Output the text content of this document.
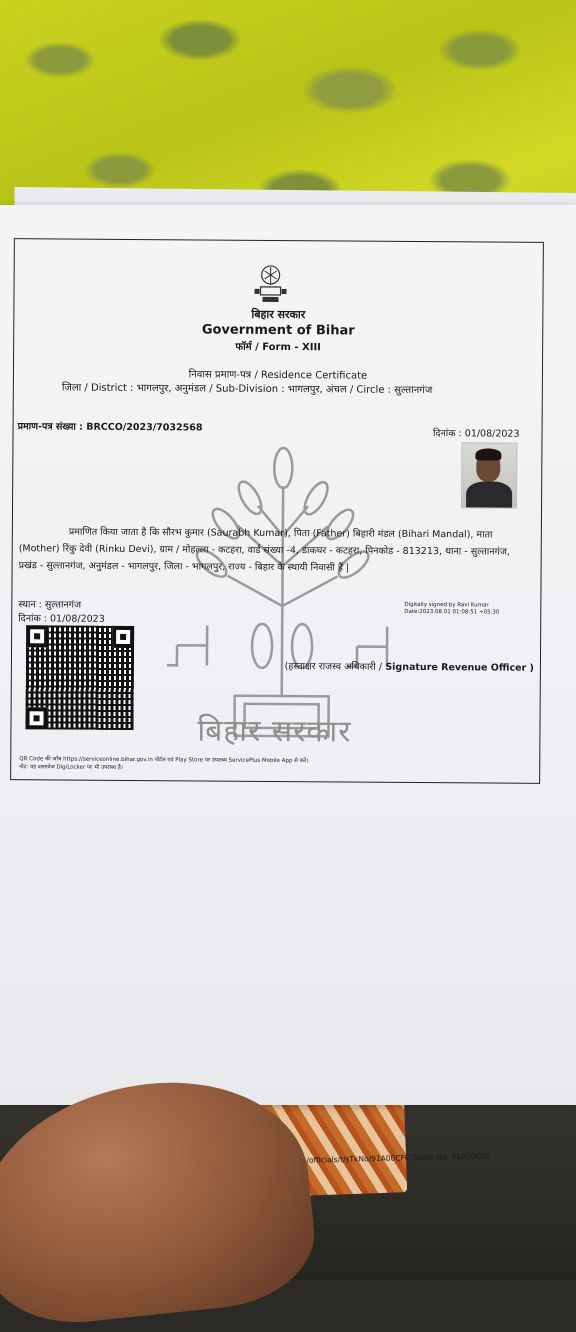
Token No: 91A00CFC
बिहार सरकार
Government of Bihar
फॉर्म / Form - XIII
निवास प्रमाण-पत्र / Residence Certificate
जिला / District : भागलपुर, अनुमंडल / Sub-Division : भागलपुर, अंचल / Circle : सुल्तानगंज
प्रमाण-पत्र संख्या : BRCCO/2023/7032568
दिनांक : 01/08/2023

प्रमाणित किया जाता है कि सौरभ कुमार (Saurabh Kumar), पिता (Father) बिहारी मंडल (Bihari Mandal), माता

(Mother) रिंकु देवी (Rinku Devi), ग्राम / मोहल्ला - कटहरा, वार्ड संख्या -4, डाकघर - कटहरा, पिनकोड - 813213, थाना - सुल्तानगंज,
प्रखंड - सुल्तानगंज, अनुमंडल - भागलपुर, जिला - भागलपुर, राज्य - बिहार के स्थायी निवासी हैं |
स्थान : सुल्तानगंज
दिनांक : 01/08/2023
Digitally signed by Ravi Kumar
Date:2023.08.01 01:08:51 +05:30
(हस्ताक्षर राजस्व अधिकारी / Signature Revenue Officer )
बिहार सरकार
QR Code की जाँच https://serviceonline.bihar.gov.in पोर्टल एवं Play Store पर उपलब्ध ServicePlus Mobile App से करें।
नोट: यह दस्तावेज DigiLocker पर भी उपलब्ध है।
